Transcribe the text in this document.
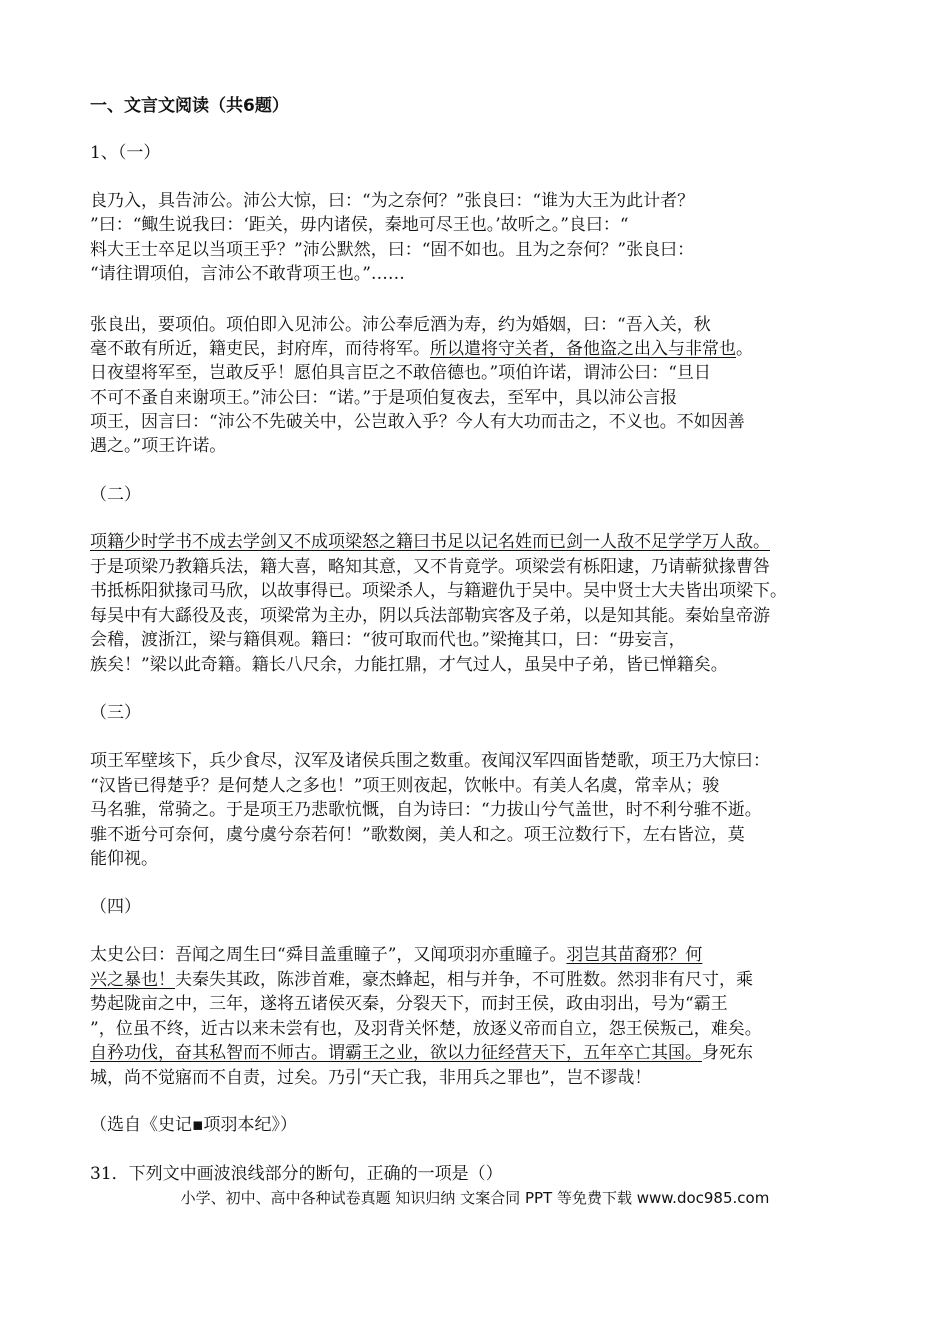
一、文言文阅读（共6题）
1、（一）
良乃入，具告沛公。沛公大惊，曰：“为之奈何？”张良曰：“谁为大王为此计者？
”曰：“鲰生说我曰：‘距关，毋内诸侯，秦地可尽王也。’故听之。”良曰：“
料大王士卒足以当项王乎？”沛公默然，曰：“固不如也。且为之奈何？”张良曰：
“请往谓项伯，言沛公不敢背项王也。”……
张良出，要项伯。项伯即入见沛公。沛公奉卮酒为寿，约为婚姻，曰：“吾入关，秋
毫不敢有所近，籍吏民，封府库，而待将军。所以遣将守关者，备他盗之出入与非常也。
日夜望将军至，岂敢反乎！愿伯具言臣之不敢倍德也。”项伯许诺，谓沛公曰：“旦日
不可不蚤自来谢项王。”沛公曰：“诺。”于是项伯复夜去，至军中，具以沛公言报
项王，因言曰：“沛公不先破关中，公岂敢入乎？今人有大功而击之，不义也。不如因善
遇之。”项王许诺。
（二）
项籍少时学书不成去学剑又不成项梁怒之籍曰书足以记名姓而已剑一人敌不足学学万人敌。
于是项梁乃教籍兵法，籍大喜，略知其意，又不肯竟学。项梁尝有栎阳逮，乃请蕲狱掾曹咎
书抵栎阳狱掾司马欣，以故事得已。项梁杀人，与籍避仇于吴中。吴中贤士大夫皆出项梁下。
每吴中有大繇役及丧，项梁常为主办，阴以兵法部勒宾客及子弟，以是知其能。秦始皇帝游
会稽，渡浙江，梁与籍俱观。籍曰：“彼可取而代也。”梁掩其口，曰：“毋妄言，
族矣！”梁以此奇籍。籍长八尺余，力能扛鼎，才气过人，虽吴中子弟，皆已惮籍矣。
（三）
项王军壁垓下，兵少食尽，汉军及诸侯兵围之数重。夜闻汉军四面皆楚歌，项王乃大惊曰：
“汉皆已得楚乎？是何楚人之多也！”项王则夜起，饮帐中。有美人名虞，常幸从；骏
马名骓，常骑之。于是项王乃悲歌忼慨，自为诗曰：“力拔山兮气盖世，时不利兮骓不逝。
骓不逝兮可奈何，虞兮虞兮奈若何！”歌数阕，美人和之。项王泣数行下，左右皆泣，莫
能仰视。
（四）
太史公曰：吾闻之周生曰“舜目盖重瞳子”，又闻项羽亦重瞳子。羽岂其苗裔邪？何
兴之暴也！夫秦失其政，陈涉首难，豪杰蜂起，相与并争，不可胜数。然羽非有尺寸，乘
势起陇亩之中，三年，遂将五诸侯灭秦，分裂天下，而封王侯，政由羽出，号为“霸王
”，位虽不终，近古以来未尝有也，及羽背关怀楚，放逐义帝而自立，怨王侯叛己，难矣。
自矜功伐，奋其私智而不师古。谓霸王之业，欲以力征经营天下，五年卒亡其国。身死东
城，尚不觉寤而不自责，过矣。乃引“天亡我，非用兵之罪也”，岂不谬哉！
（选自《史记▪项羽本纪》）
31．下列文中画波浪线部分的断句，正确的一项是（）
小学、初中、高中各种试卷真题 知识归纳 文案合同 PPT 等免费下载 www.doc985.com
